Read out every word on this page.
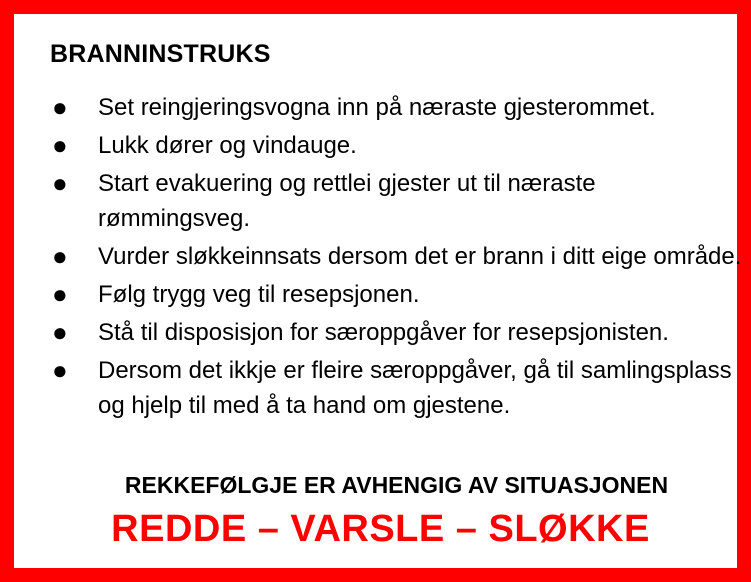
BRANNINSTRUKS
●	Set reingjeringsvogna inn på næraste gjesterommet.
●	Lukk dører og vindauge.
●	Start evakuering og rettlei gjester ut til næraste rømmingsveg.
●	Vurder sløkkeinnsats dersom det er brann i ditt eige område.
●	Følg trygg veg til resepsjonen.
●	Stå til disposisjon for særoppgåver for resepsjonisten.
●	Dersom det ikkje er fleire særoppgåver, gå til samlingsplass og hjelp til med å ta hand om gjestene.
REKKEFØLGJE ER AVHENGIG AV SITUASJONEN
REDDE – VARSLE – SLØKKE
